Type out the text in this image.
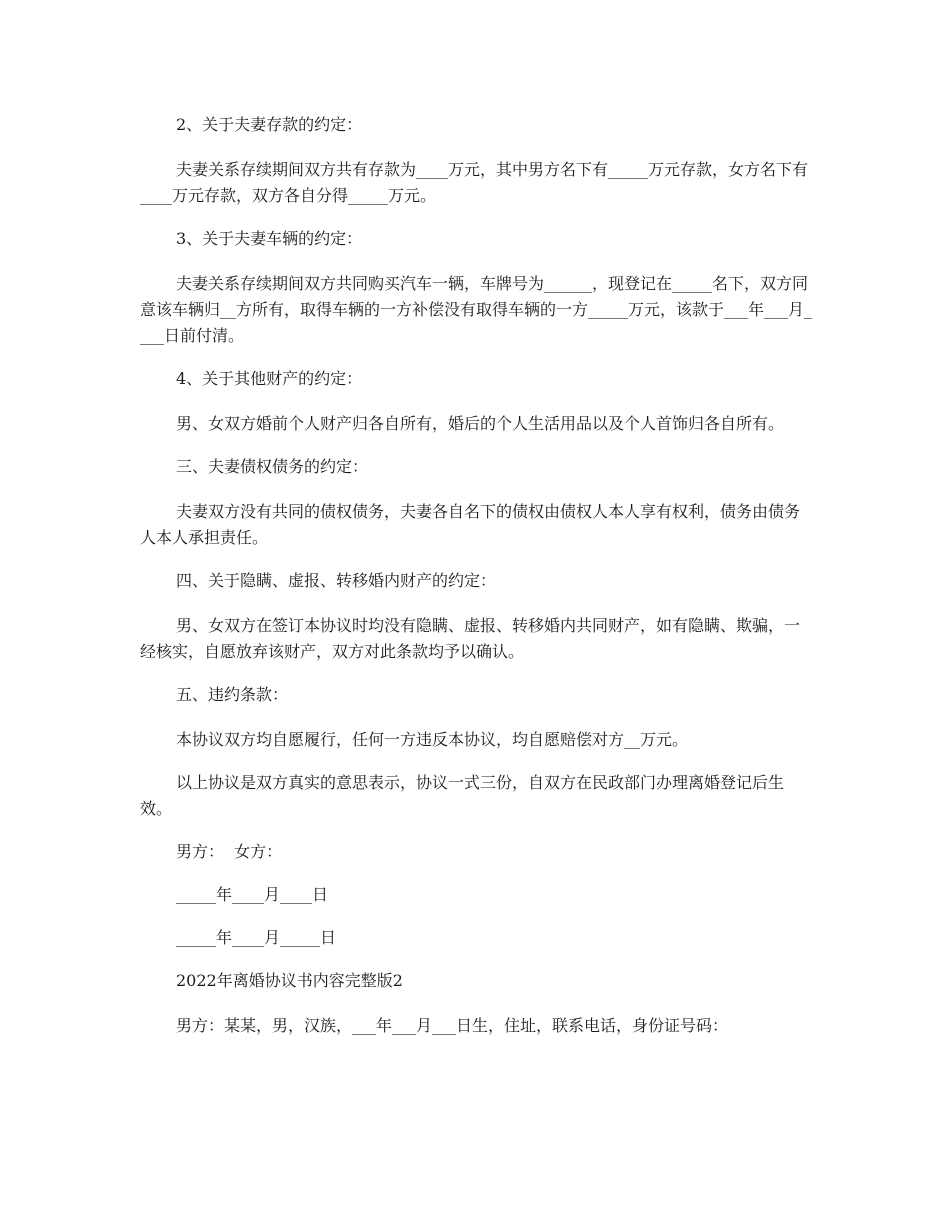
2、关于夫妻存款的约定：

夫妻关系存续期间双方共有存款为____万元，其中男方名下有_____万元存款，女方名下有____万元存款，双方各自分得_____万元。

3、关于夫妻车辆的约定：

夫妻关系存续期间双方共同购买汽车一辆，车牌号为______，现登记在_____名下，双方同意该车辆归__方所有，取得车辆的一方补偿没有取得车辆的一方_____万元，该款于___年___月____日前付清。

4、关于其他财产的约定：

男、女双方婚前个人财产归各自所有，婚后的个人生活用品以及个人首饰归各自所有。

三、夫妻债权债务的约定：

夫妻双方没有共同的债权债务，夫妻各自名下的债权由债权人本人享有权利，债务由债务人本人承担责任。

四、关于隐瞒、虚报、转移婚内财产的约定：

男、女双方在签订本协议时均没有隐瞒、虚报、转移婚内共同财产，如有隐瞒、欺骗，一经核实，自愿放弃该财产，双方对此条款均予以确认。

五、违约条款：

本协议双方均自愿履行，任何一方违反本协议，均自愿赔偿对方__万元。

以上协议是双方真实的意思表示，协议一式三份，自双方在民政部门办理离婚登记后生效。

男方：  女方：

_____年____月____日

_____年____月_____日

2022年离婚协议书内容完整版2

男方：某某，男，汉族，___年___月___日生，住址，联系电话，身份证号码：
